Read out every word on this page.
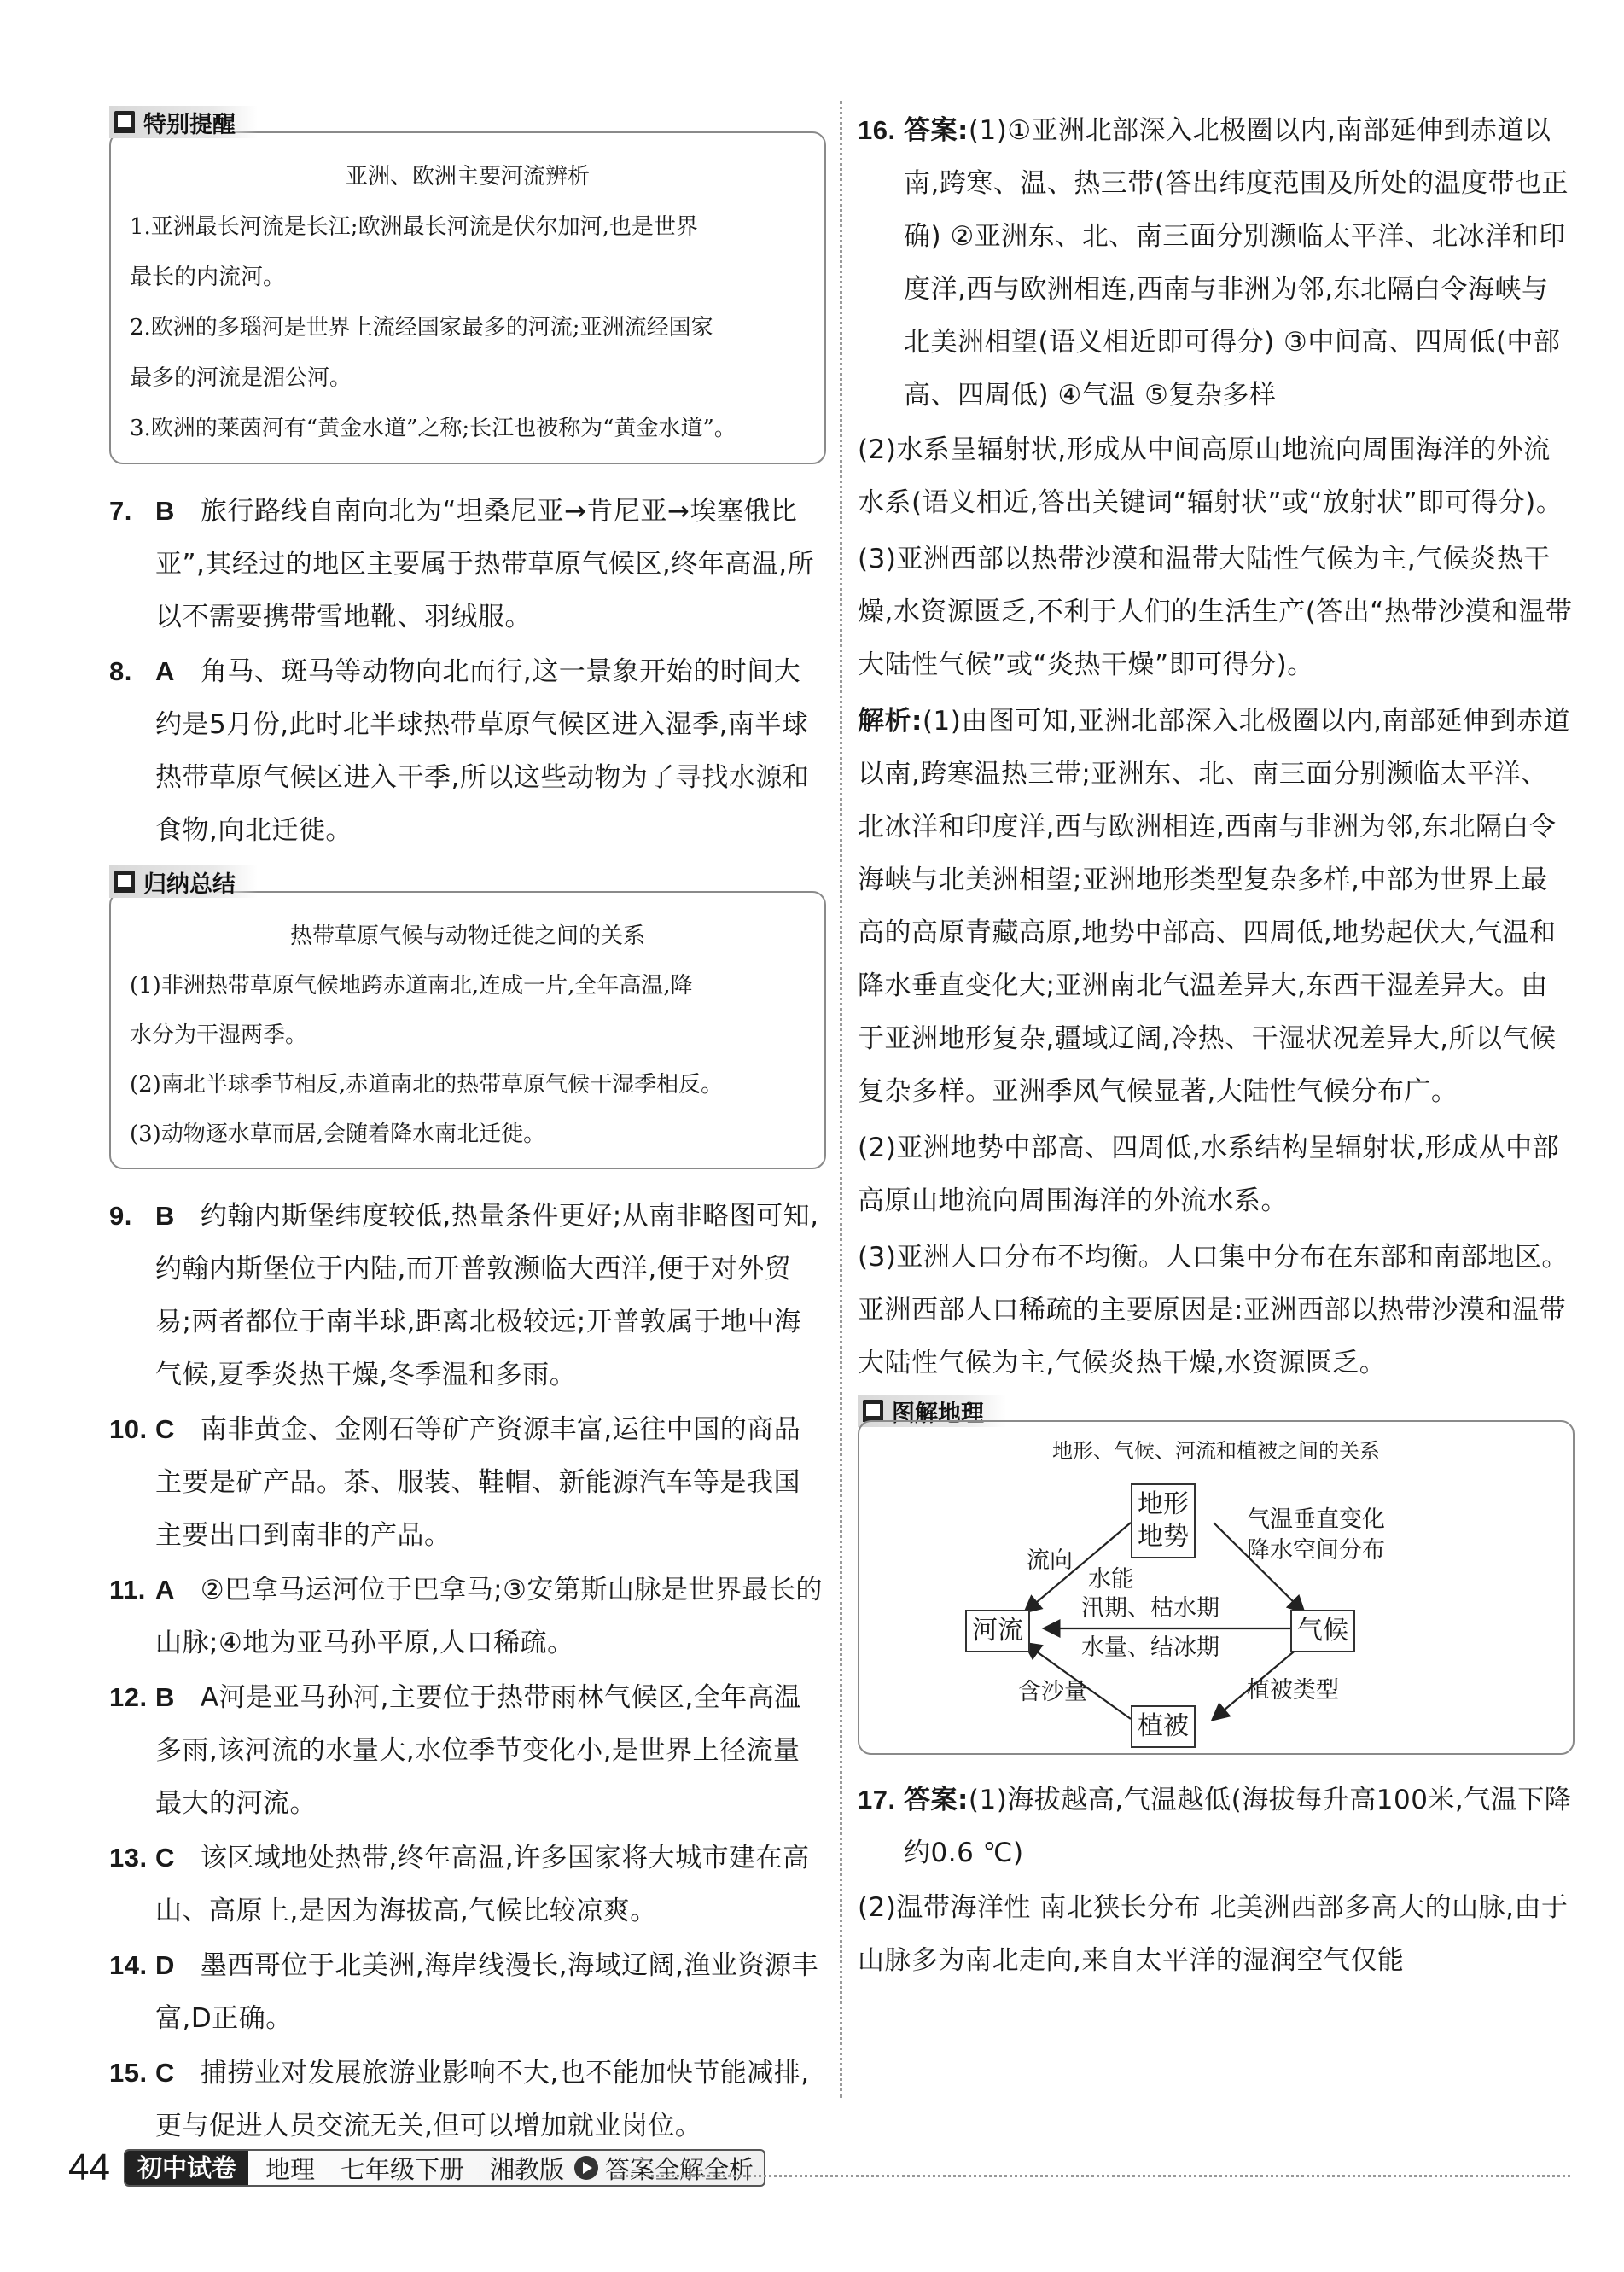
特别提醒
亚洲、欧洲主要河流辨析
1.亚洲最长河流是长江;欧洲最长河流是伏尔加河,也是世界
最长的内流河。
2.欧洲的多瑙河是世界上流经国家最多的河流;亚洲流经国家
最多的河流是湄公河。
3.欧洲的莱茵河有“黄金水道”之称;长江也被称为“黄金水道”。
7. B 旅行路线自南向北为“坦桑尼亚→肯尼亚→埃塞俄比亚”,其经过的地区主要属于热带草原气候区,终年高温,所以不需要携带雪地靴、羽绒服。
8. A 角马、斑马等动物向北而行,这一景象开始的时间大约是5月份,此时北半球热带草原气候区进入湿季,南半球热带草原气候区进入干季,所以这些动物为了寻找水源和食物,向北迁徙。
归纳总结
热带草原气候与动物迁徙之间的关系
(1)非洲热带草原气候地跨赤道南北,连成一片,全年高温,降
水分为干湿两季。
(2)南北半球季节相反,赤道南北的热带草原气候干湿季相反。
(3)动物逐水草而居,会随着降水南北迁徙。
9. B 约翰内斯堡纬度较低,热量条件更好;从南非略图可知,约翰内斯堡位于内陆,而开普敦濒临大西洋,便于对外贸易;两者都位于南半球,距离北极较远;开普敦属于地中海气候,夏季炎热干燥,冬季温和多雨。
10. C 南非黄金、金刚石等矿产资源丰富,运往中国的商品主要是矿产品。茶、服装、鞋帽、新能源汽车等是我国主要出口到南非的产品。
11. A ②巴拿马运河位于巴拿马;③安第斯山脉是世界最长的山脉;④地为亚马孙平原,人口稀疏。
12. B A河是亚马孙河,主要位于热带雨林气候区,全年高温多雨,该河流的水量大,水位季节变化小,是世界上径流量最大的河流。
13. C 该区域地处热带,终年高温,许多国家将大城市建在高山、高原上,是因为海拔高,气候比较凉爽。
14. D 墨西哥位于北美洲,海岸线漫长,海域辽阔,渔业资源丰富,D正确。
15. C 捕捞业对发展旅游业影响不大,也不能加快节能减排,更与促进人员交流无关,但可以增加就业岗位。
16. 答案:(1)①亚洲北部深入北极圈以内,南部延伸到赤道以南,跨寒、温、热三带(答出纬度范围及所处的温度带也正确) ②亚洲东、北、南三面分别濒临太平洋、北冰洋和印度洋,西与欧洲相连,西南与非洲为邻,东北隔白令海峡与北美洲相望(语义相近即可得分) ③中间高、四周低(中部高、四周低) ④气温 ⑤复杂多样
(2)水系呈辐射状,形成从中间高原山地流向周围海洋的外流水系(语义相近,答出关键词“辐射状”或“放射状”即可得分)。
(3)亚洲西部以热带沙漠和温带大陆性气候为主,气候炎热干燥,水资源匮乏,不利于人们的生活生产(答出“热带沙漠和温带大陆性气候”或“炎热干燥”即可得分)。
解析:(1)由图可知,亚洲北部深入北极圈以内,南部延伸到赤道以南,跨寒温热三带;亚洲东、北、南三面分别濒临太平洋、北冰洋和印度洋,西与欧洲相连,西南与非洲为邻,东北隔白令海峡与北美洲相望;亚洲地形类型复杂多样,中部为世界上最高的高原青藏高原,地势中部高、四周低,地势起伏大,气温和降水垂直变化大;亚洲南北气温差异大,东西干湿差异大。由于亚洲地形复杂,疆域辽阔,冷热、干湿状况差异大,所以气候复杂多样。亚洲季风气候显著,大陆性气候分布广。
(2)亚洲地势中部高、四周低,水系结构呈辐射状,形成从中部高原山地流向周围海洋的外流水系。
(3)亚洲人口分布不均衡。人口集中分布在东部和南部地区。亚洲西部人口稀疏的主要原因是:亚洲西部以热带沙漠和温带大陆性气候为主,气候炎热干燥,水资源匮乏。
图解地理
地形、气候、河流和植被之间的关系
地形
地势
河流	气候
植被
气温垂直变化
降水空间分布
流向
水能
汛期、枯水期
水量、结冰期
含沙量	植被类型
17. 答案:(1)海拔越高,气温越低(海拔每升高100米,气温下降约0.6 ℃)
(2)温带海洋性 南北狭长分布 北美洲西部多高大的山脉,由于山脉多为南北走向,来自太平洋的湿润空气仅能
44	初中试卷	地理 七年级下册 湘教版 答案全解全析
